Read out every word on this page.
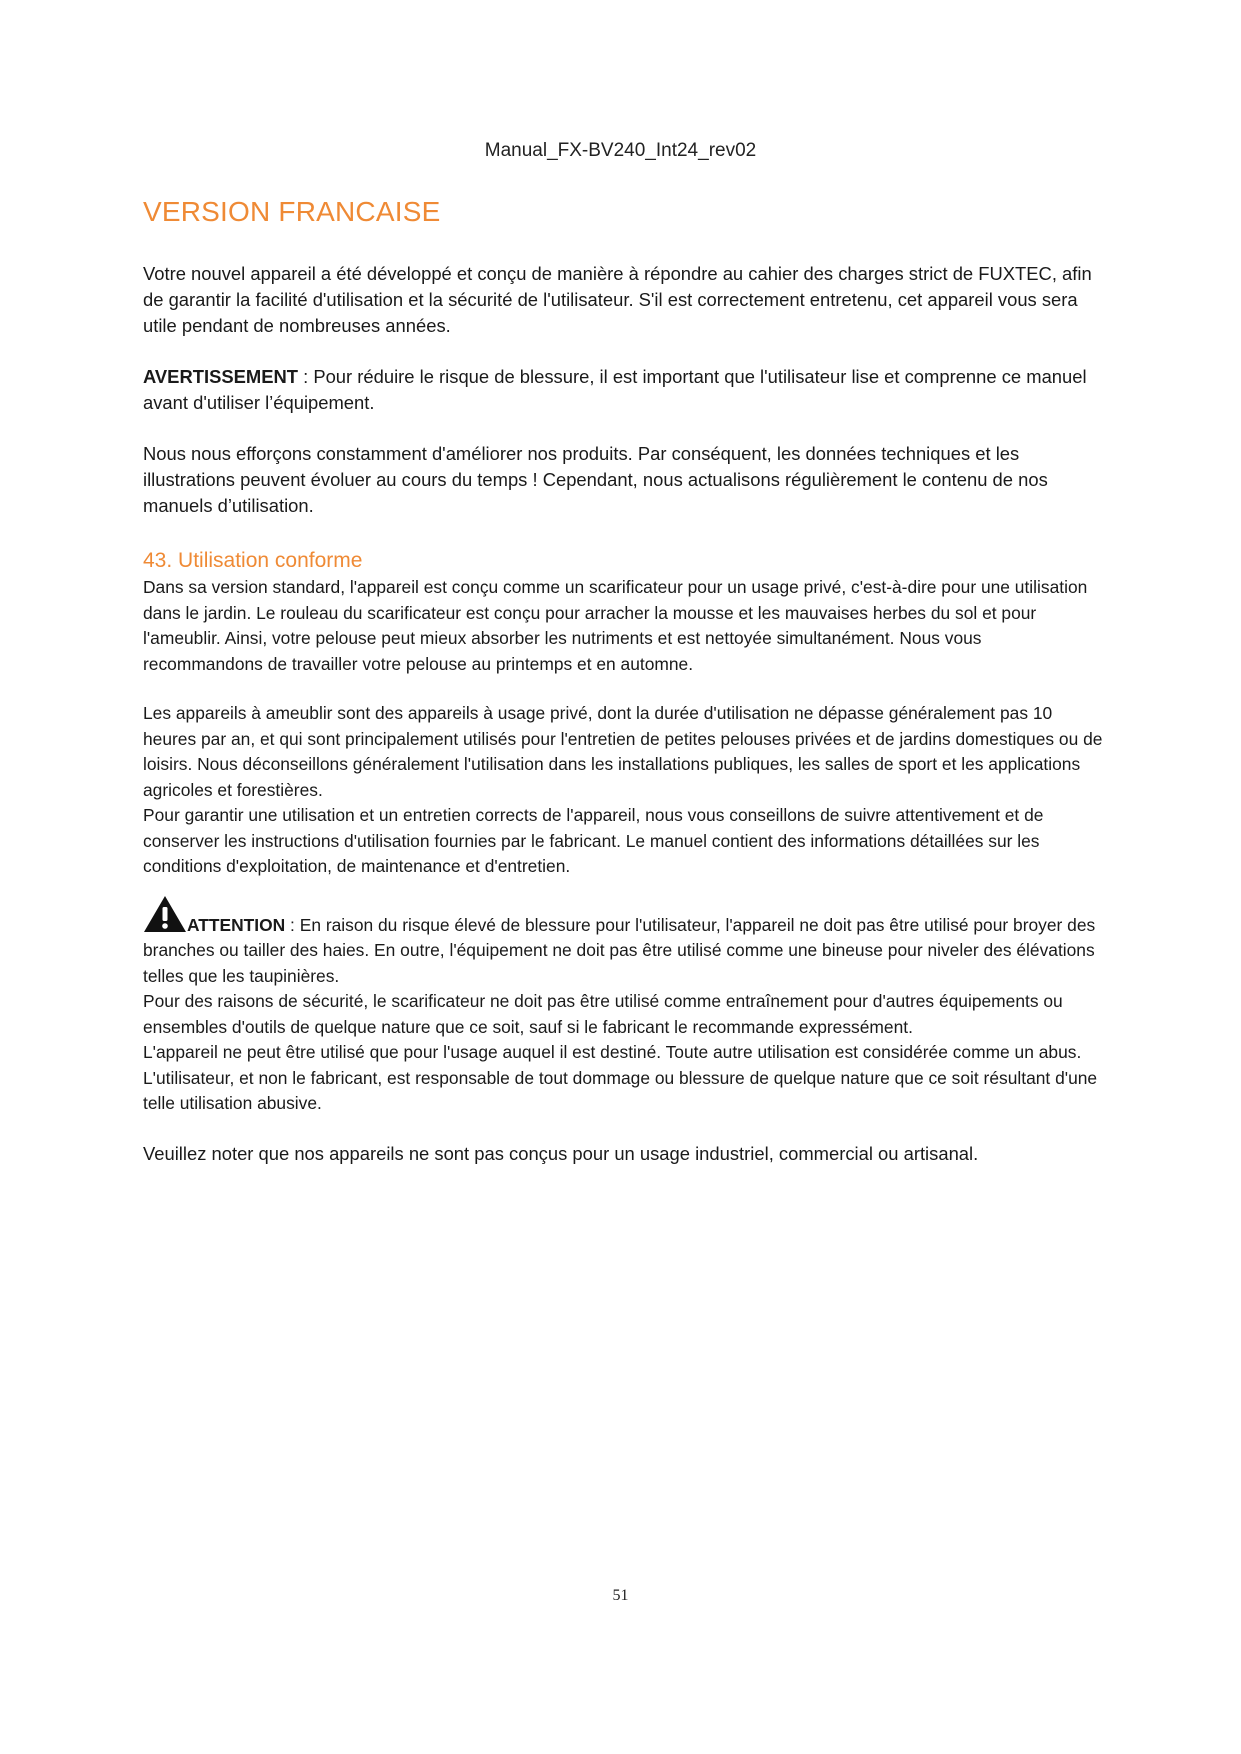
Manual_FX-BV240_Int24_rev02
VERSION FRANCAISE

Votre nouvel appareil a été développé et conçu de manière à répondre au cahier des charges strict de FUXTEC, afin de garantir la facilité d'utilisation et la sécurité de l'utilisateur. S'il est correctement entretenu, cet appareil vous sera utile pendant de nombreuses années.

AVERTISSEMENT : Pour réduire le risque de blessure, il est important que l'utilisateur lise et comprenne ce manuel avant d'utiliser l’équipement.

Nous nous efforçons constamment d'améliorer nos produits. Par conséquent, les données techniques et les illustrations peuvent évoluer au cours du temps ! Cependant, nous actualisons régulièrement le contenu de nos manuels d’utilisation.

43. Utilisation conforme

Dans sa version standard, l'appareil est conçu comme un scarificateur pour un usage privé, c'est-à-dire pour une utilisation dans le jardin. Le rouleau du scarificateur est conçu pour arracher la mousse et les mauvaises herbes du sol et pour l'ameublir. Ainsi, votre pelouse peut mieux absorber les nutriments et est nettoyée simultanément. Nous vous recommandons de travailler votre pelouse au printemps et en automne.

Les appareils à ameublir sont des appareils à usage privé, dont la durée d'utilisation ne dépasse généralement pas 10 heures par an, et qui sont principalement utilisés pour l'entretien de petites pelouses privées et de jardins domestiques ou de loisirs. Nous déconseillons généralement l'utilisation dans les installations publiques, les salles de sport et les applications agricoles et forestières.

Pour garantir une utilisation et un entretien corrects de l'appareil, nous vous conseillons de suivre attentivement et de conserver les instructions d'utilisation fournies par le fabricant. Le manuel contient des informations détaillées sur les conditions d'exploitation, de maintenance et d'entretien.

ATTENTION : En raison du risque élevé de blessure pour l'utilisateur, l'appareil ne doit pas être utilisé pour broyer des branches ou tailler des haies. En outre, l'équipement ne doit pas être utilisé comme une bineuse pour niveler des élévations telles que les taupinières.

Pour des raisons de sécurité, le scarificateur ne doit pas être utilisé comme entraînement pour d'autres équipements ou ensembles d'outils de quelque nature que ce soit, sauf si le fabricant le recommande expressément.

L'appareil ne peut être utilisé que pour l'usage auquel il est destiné. Toute autre utilisation est considérée comme un abus. L'utilisateur, et non le fabricant, est responsable de tout dommage ou blessure de quelque nature que ce soit résultant d'une telle utilisation abusive.

Veuillez noter que nos appareils ne sont pas conçus pour un usage industriel, commercial ou artisanal.

51
